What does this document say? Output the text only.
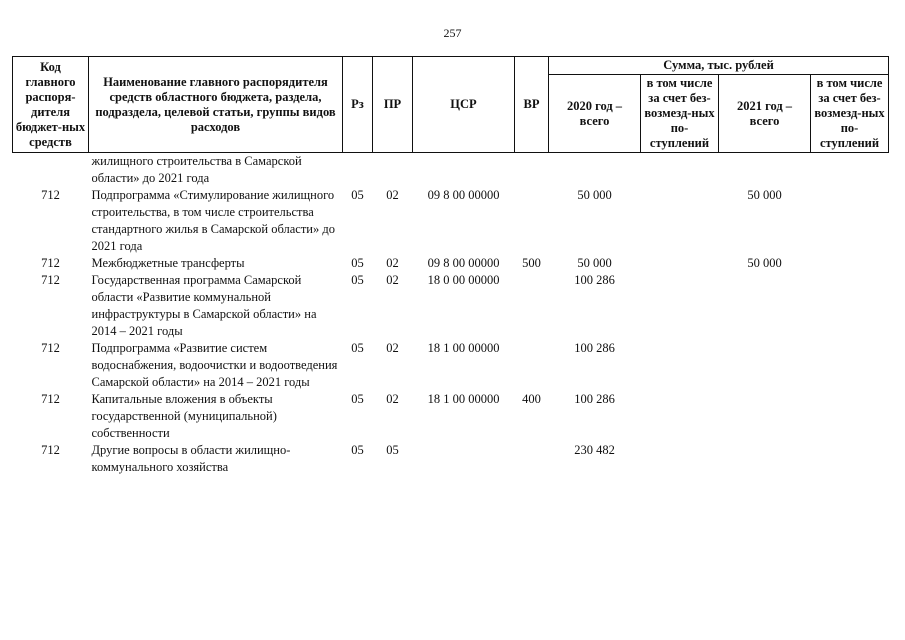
257
Код главного распоря-дителя бюджет-ных средств	Наименование главного распорядителя средств областного бюджета, раздела, подраздела, целевой статьи, группы видов расходов	Рз	ПР	ЦСР	ВР	Сумма, тыс. рублей			
						2020 год – всего	в том числе за счет без-возмезд-ных по-ступлений	2021 год – всего	в том числе за счет без-возмезд-ных по-ступлений
	жилищного строительства в Самарской области» до 2021 года								
712	Подпрограмма «Стимулирование жилищного строительства, в том числе строительства стандартного жилья в Самарской области» до 2021 года	05	02	09 8 00 00000		50 000		50 000	
712	Межбюджетные трансферты	05	02	09 8 00 00000	500	50 000		50 000	
712	Государственная программа Самарской области «Развитие коммунальной инфраструктуры в Самарской области» на 2014 – 2021 годы	05	02	18 0 00 00000		100 286			
712	Подпрограмма «Развитие систем водоснабжения, водоочистки и водоотведения Самарской области» на 2014 – 2021 годы	05	02	18 1 00 00000		100 286			
712	Капитальные вложения в объекты государственной (муниципальной) собственности	05	02	18 1 00 00000	400	100 286			
712	Другие вопросы в области жилищно-коммунального хозяйства	05	05			230 482			
